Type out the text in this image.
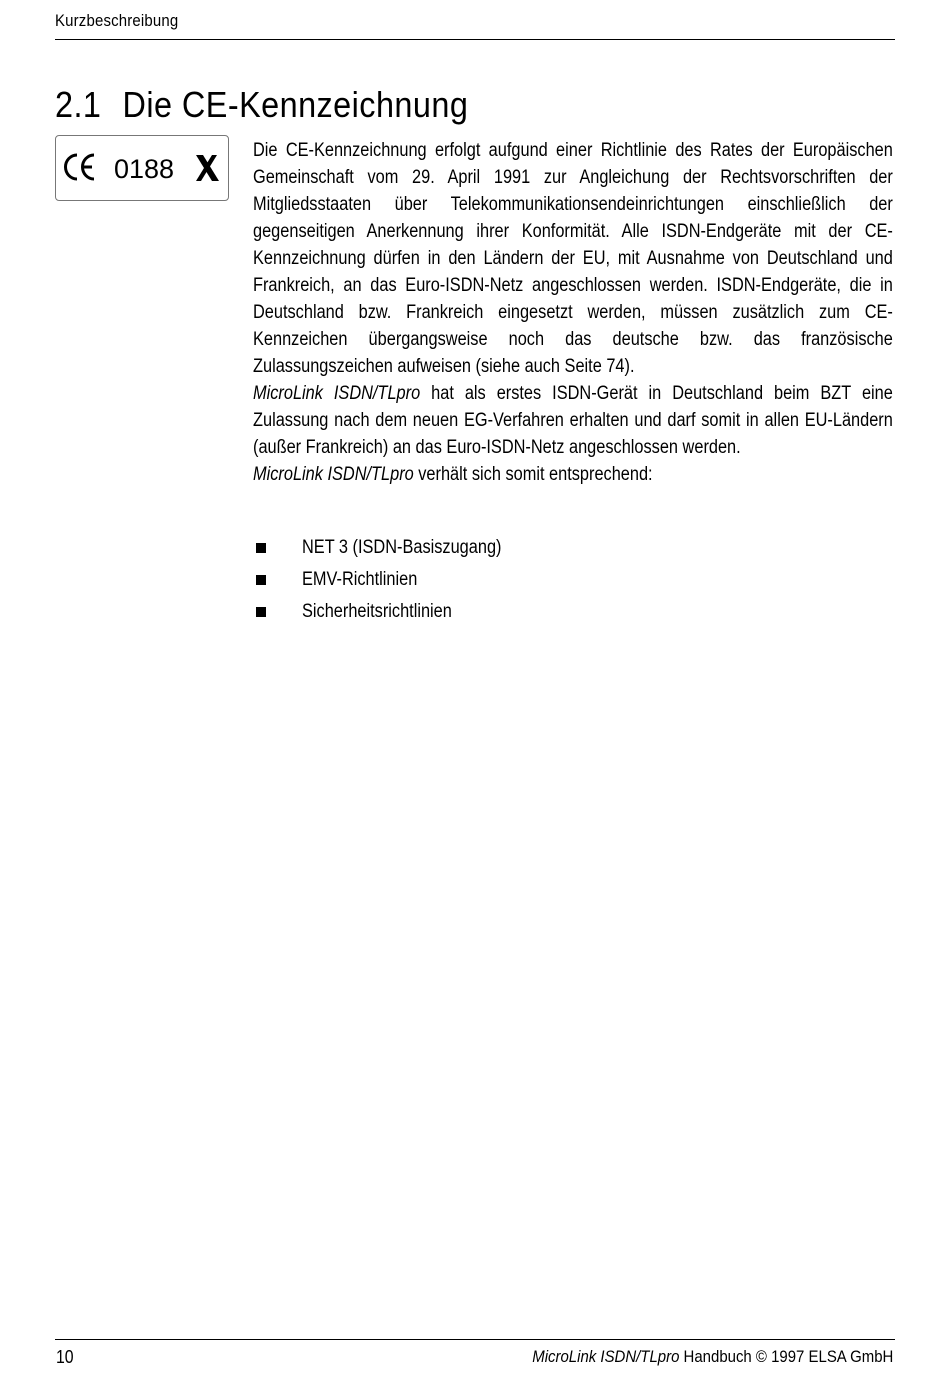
Kurzbeschreibung
2.1 Die CE-Kennzeichnung
0188

Die CE-Kennzeichnung erfolgt aufgund einer Richtlinie des Rates der Europäischen Gemeinschaft vom 29. April 1991 zur Angleichung der Rechtsvorschriften der Mitgliedsstaaten über Telekommunikationsendeinrichtungen einschließlich der gegenseitigen Anerkennung ihrer Konformität. Alle ISDN-Endgeräte mit der CE-Kennzeichnung dürfen in den Ländern der EU, mit Ausnahme von Deutschland und Frankreich, an das Euro-ISDN-Netz angeschlossen werden. ISDN-Endgeräte, die in Deutschland bzw. Frankreich eingesetzt werden, müssen zusätzlich zum CE-Kennzeichen übergangsweise noch das deutsche bzw. das französische Zulassungszeichen aufweisen (siehe auch Seite 74).

MicroLink ISDN/TLpro hat als erstes ISDN-Gerät in Deutschland beim BZT eine Zulassung nach dem neuen EG-Verfahren erhalten und darf somit in allen EU-Ländern (außer Frankreich) an das Euro-ISDN-Netz angeschlossen werden.

MicroLink ISDN/TLpro verhält sich somit entsprechend:

NET 3 (ISDN-Basiszugang)
EMV-Richtlinien
Sicherheitsrichtlinien
10	MicroLink ISDN/TLpro Handbuch © 1997 ELSA GmbH
